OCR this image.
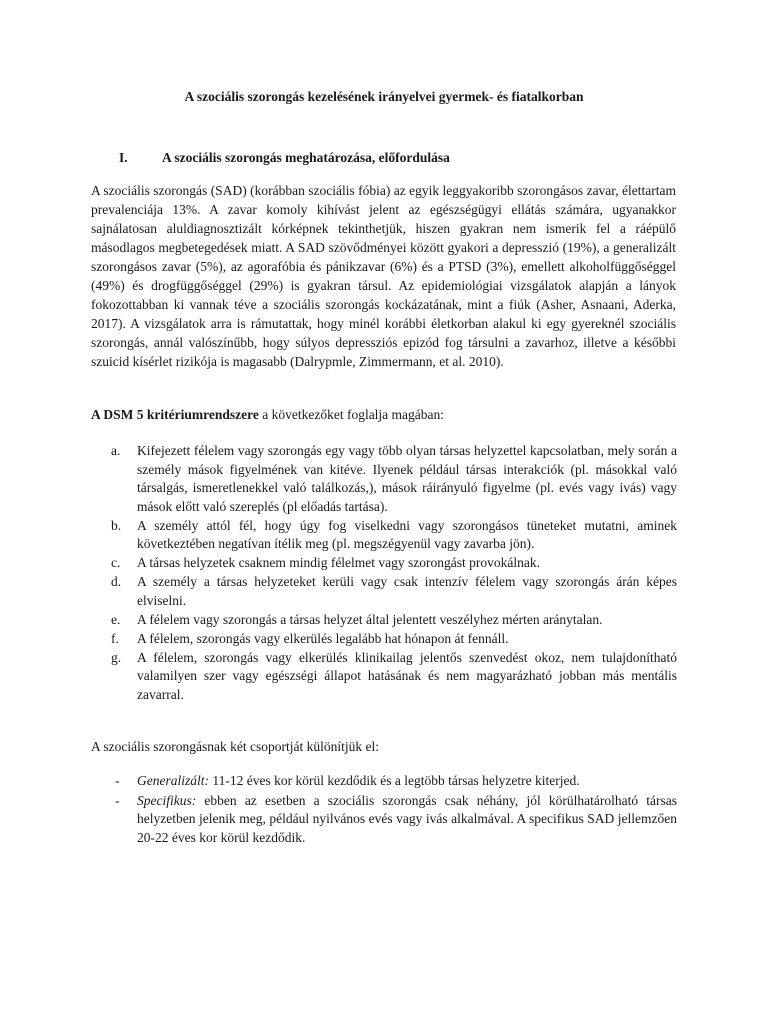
A szociális szorongás kezelésének irányelvei gyermek- és fiatalkorban
I.	A szociális szorongás meghatározása, előfordulása
A szociális szorongás (SAD) (korábban szociális fóbia) az egyik leggyakoribb szorongásos zavar, élettartam prevalenciája 13%. A zavar komoly kihívást jelent az egészségügyi ellátás számára, ugyanakkor sajnálatosan aluldiagnosztizált kórképnek tekinthetjük, hiszen gyakran nem ismerik fel a ráépülő másodlagos megbetegedések miatt. A SAD szövődményei között gyakori a depresszió (19%), a generalizált szorongásos zavar (5%), az agorafóbia és pánikzavar (6%) és a PTSD (3%), emellett alkoholfüggőséggel (49%) és drogfüggőséggel (29%) is gyakran társul. Az epidemiológiai vizsgálatok alapján a lányok fokozottabban ki vannak téve a szociális szorongás kockázatának, mint a fiúk (Asher, Asnaani, Aderka, 2017). A vizsgálatok arra is rámutattak, hogy minél korábbi életkorban alakul ki egy gyereknél szociális szorongás, annál valószínűbb, hogy súlyos depressziós epizód fog társulni a zavarhoz, illetve a későbbi szuicid kísérlet rizikója is magasabb (Dalrypmle, Zimmermann, et al. 2010).
A DSM 5 kritériumrendszere a következőket foglalja magában:
a. Kifejezett félelem vagy szorongás egy vagy több olyan társas helyzettel kapcsolatban, mely során a személy mások figyelmének van kitéve. Ilyenek például társas interakciók (pl. másokkal való társalgás, ismeretlenekkel való találkozás,), mások ráirányuló figyelme (pl. evés vagy ivás) vagy mások előtt való szereplés (pl előadás tartása).
b. A személy attól fél, hogy úgy fog viselkedni vagy szorongásos tüneteket mutatni, aminek következtében negatívan ítélik meg (pl. megszégyenül vagy zavarba jön).
c. A társas helyzetek csaknem mindig félelmet vagy szorongást provokálnak.
d. A személy a társas helyzeteket kerüli vagy csak intenzív félelem vagy szorongás árán képes elviselni.
e. A félelem vagy szorongás a társas helyzet által jelentett veszélyhez mérten aránytalan.
f. A félelem, szorongás vagy elkerülés legalább hat hónapon át fennáll.
g. A félelem, szorongás vagy elkerülés klinikailag jelentős szenvedést okoz, nem tulajdonítható valamilyen szer vagy egészségi állapot hatásának és nem magyarázható jobban más mentális zavarral.
A szociális szorongásnak két csoportját különítjük el:
- Generalizált: 11-12 éves kor körül kezdődik és a legtöbb társas helyzetre kiterjed.
- Specifikus: ebben az esetben a szociális szorongás csak néhány, jól körülhatárolható társas helyzetben jelenik meg, például nyilvános evés vagy ivás alkalmával. A specifikus SAD jellemzően 20-22 éves kor körül kezdődik.
